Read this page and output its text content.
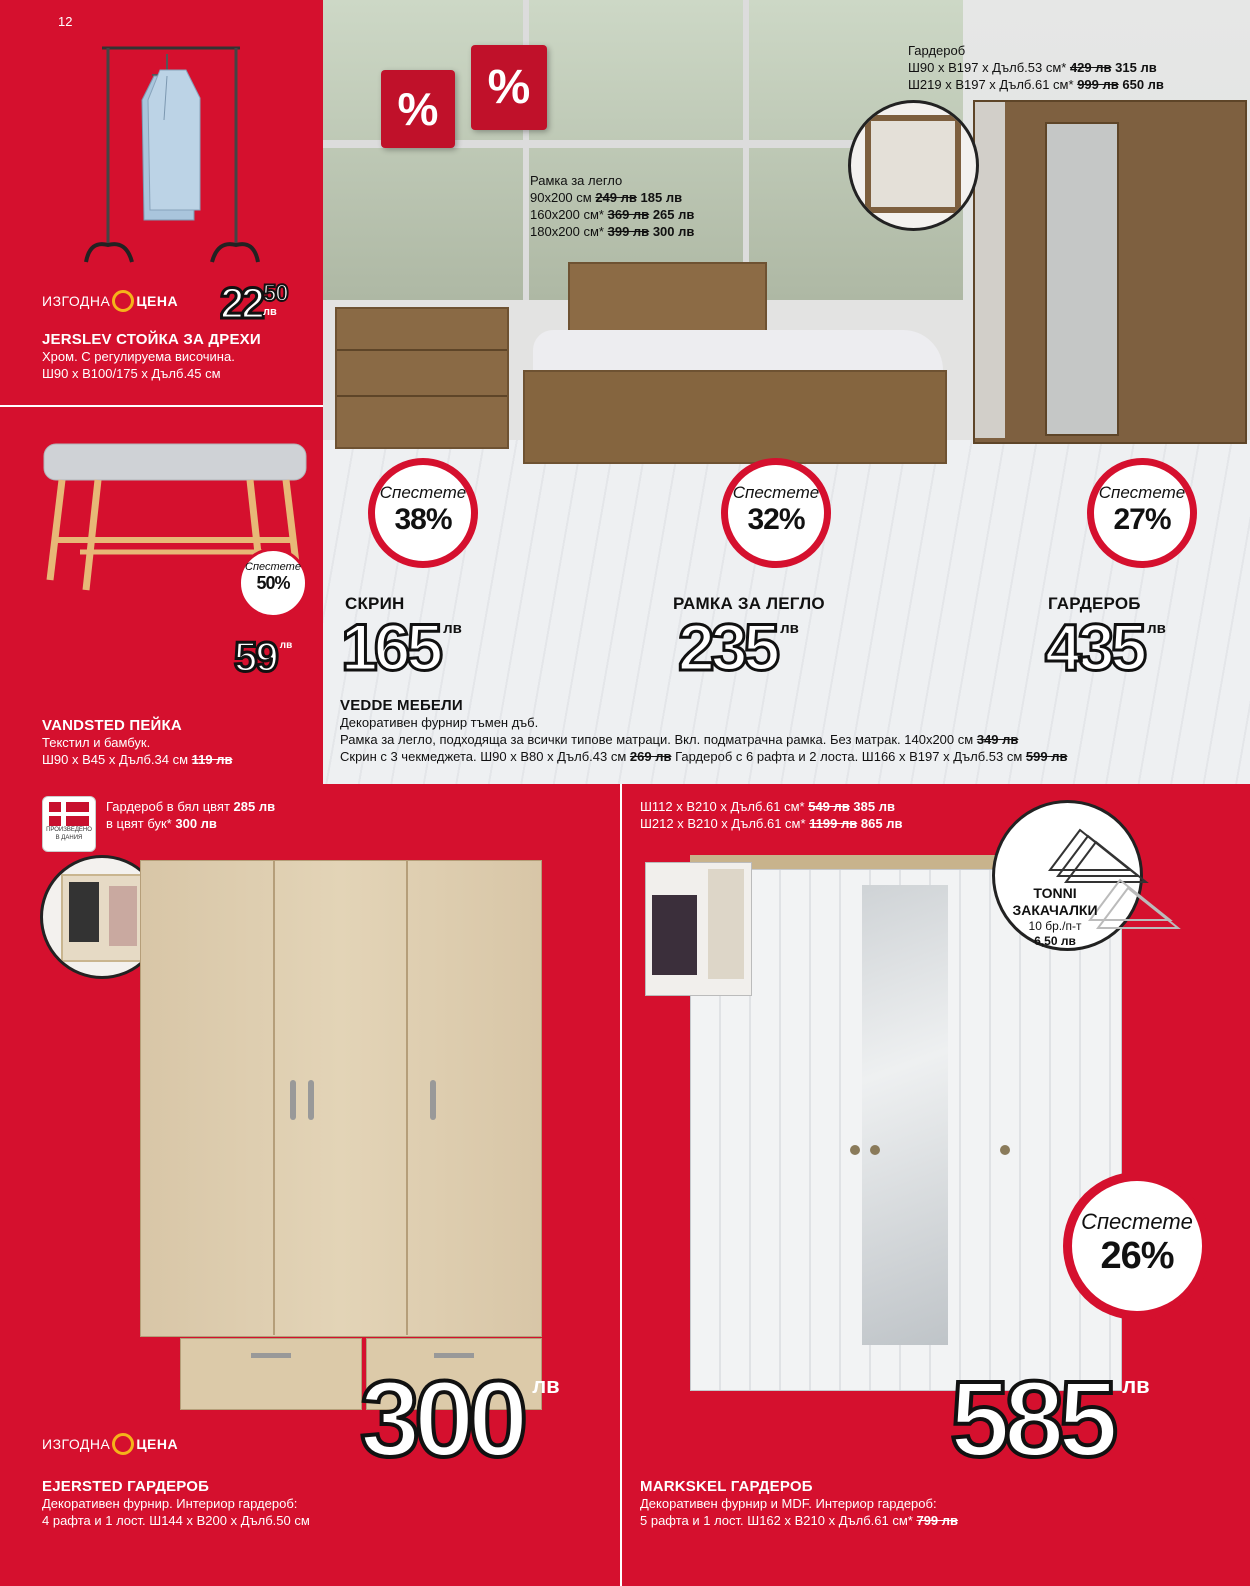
12
ИЗГОДНА ЦЕНА 22 50
лв
JERSLEV СТОЙКА ЗА ДРЕХИ
Хром. С регулируема височина.
Ш90 х В100/175 х Дълб.45 см
Спестете
50%
59 лв
VANDSTED ПЕЙКА
Текстил и бамбук.
Ш90 х В45 х Дълб.34 см 119 лв
%	%
Рамка за легло
90x200 см 249 лв 185 лв
160x200 см* 369 лв 265 лв
180x200 см* 399 лв 300 лв
Гардероб
Ш90 х В197 х Дълб.53 см* 429 лв 315 лв
Ш219 х В197 х Дълб.61 см* 999 лв 650 лв
Спестете
38%
Спестете
32%
Спестете
27%
СКРИН
165 лв
РАМКА ЗА ЛЕГЛО
235 лв
ГАРДЕРОБ
435 лв
VEDDE МЕБЕЛИ
Декоративен фурнир тъмен дъб.
Рамка за легло, подходяща за всички типове матраци. Вкл. подматрачна рамка. Без матрак. 140x200 см 349 лв
Скрин с 3 чекмеджета. Ш90 х В80 х Дълб.43 см 269 лв Гардероб с 6 рафта и 2 лоста. Ш166 х В197 х Дълб.53 см 599 лв
ПРОИЗВЕДЕНО
В ДАНИЯ
Гардероб в бял цвят 285 лв
в цвят бук* 300 лв
300 лв
ИЗГОДНА ЦЕНА
EJERSTED ГАРДЕРОБ
Декоративен фурнир. Интериор гардероб:
4 рафта и 1 лост. Ш144 х В200 х Дълб.50 см
Ш112 х В210 х Дълб.61 см* 549 лв 385 лв
Ш212 х В210 х Дълб.61 см* 1199 лв 865 лв
TONNI
ЗАКАЧАЛКИ
10 бр./п-т
6,50 лв
Спестете
26%
585 лв
MARKSKEL ГАРДЕРОБ
Декоративен фурнир и MDF. Интериор гардероб:
5 рафта и 1 лост. Ш162 х В210 х Дълб.61 см* 799 лв
